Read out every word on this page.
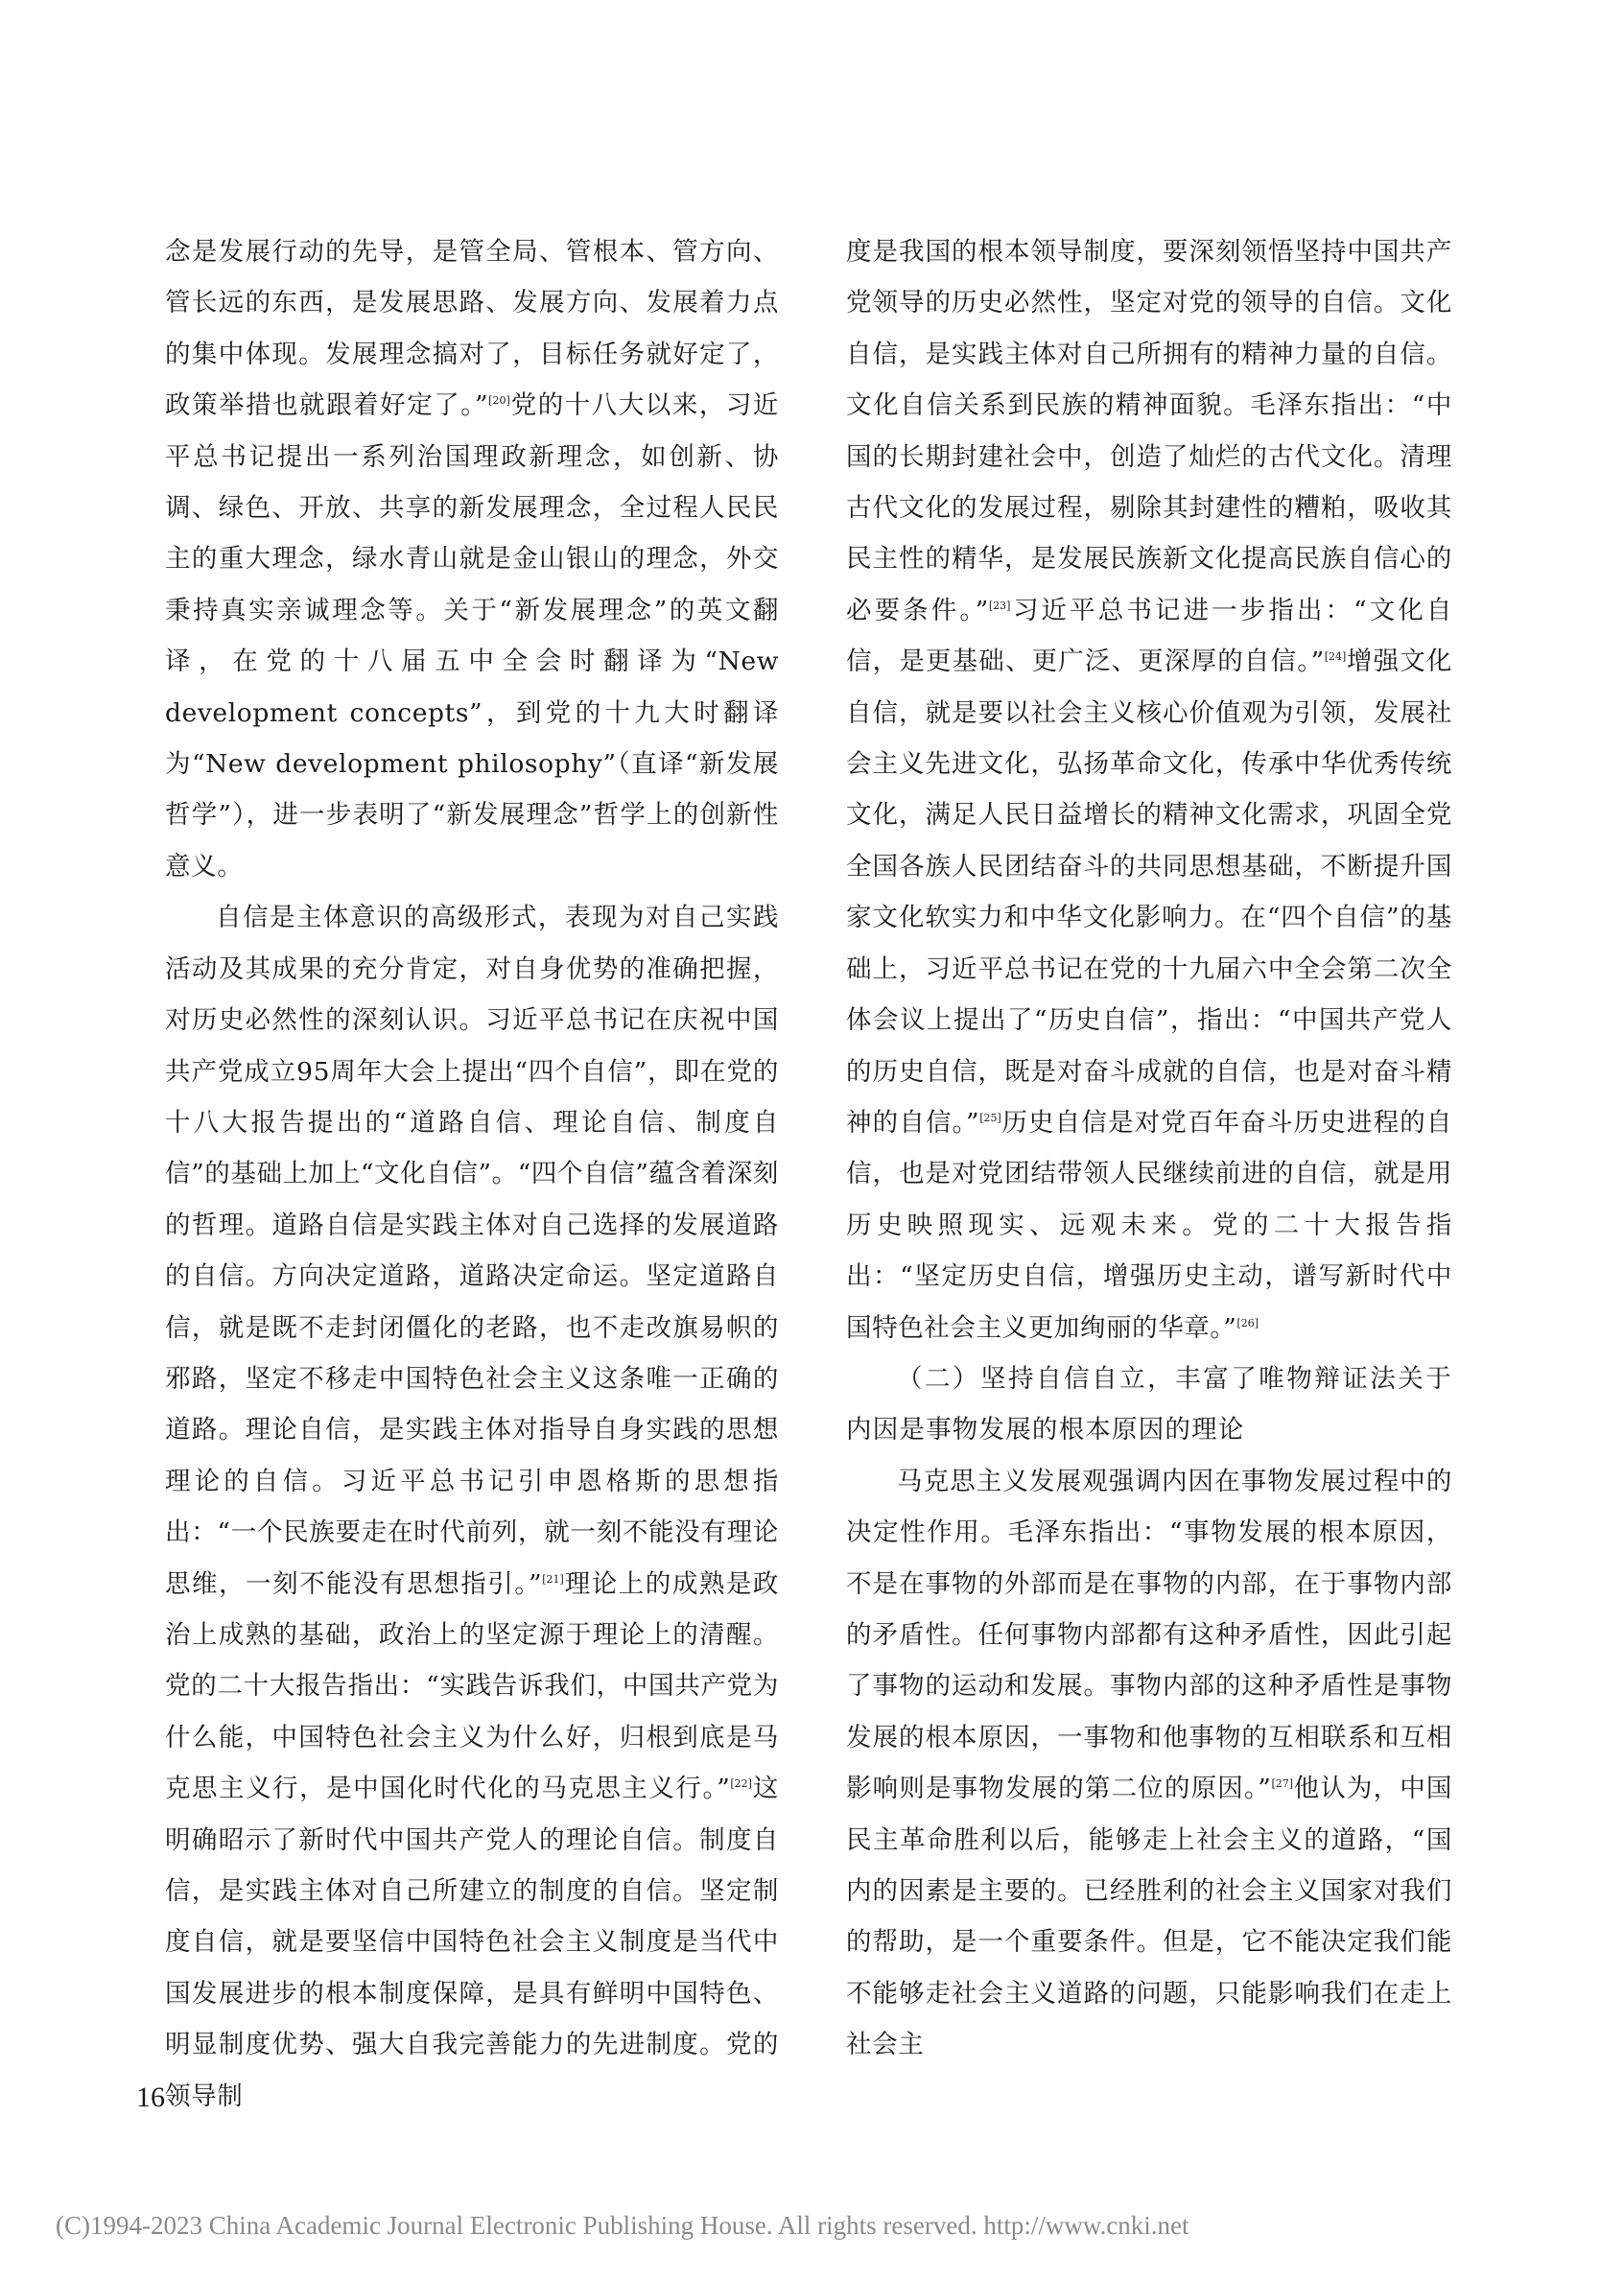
念是发展行动的先导，是管全局、管根本、管方向、管长远的东西，是发展思路、发展方向、发展着力点的集中体现。发展理念搞对了，目标任务就好定了，政策举措也就跟着好定了。”[20]党的十八大以来，习近平总书记提出一系列治国理政新理念，如创新、协调、绿色、开放、共享的新发展理念，全过程人民民主的重大理念，绿水青山就是金山银山的理念，外交秉持真实亲诚理念等。关于“新发展理念”的英文翻译，在党的十八届五中全会时翻译为“New development concepts”，到党的十九大时翻译为“New development philosophy”（直译“新发展哲学”），进一步表明了“新发展理念”哲学上的创新性意义。

自信是主体意识的高级形式，表现为对自己实践活动及其成果的充分肯定，对自身优势的准确把握，对历史必然性的深刻认识。习近平总书记在庆祝中国共产党成立95周年大会上提出“四个自信”，即在党的十八大报告提出的“道路自信、理论自信、制度自信”的基础上加上“文化自信”。“四个自信”蕴含着深刻的哲理。道路自信是实践主体对自己选择的发展道路的自信。方向决定道路，道路决定命运。坚定道路自信，就是既不走封闭僵化的老路，也不走改旗易帜的邪路，坚定不移走中国特色社会主义这条唯一正确的道路。理论自信，是实践主体对指导自身实践的思想理论的自信。习近平总书记引申恩格斯的思想指出：“一个民族要走在时代前列，就一刻不能没有理论思维，一刻不能没有思想指引。”[21]理论上的成熟是政治上成熟的基础，政治上的坚定源于理论上的清醒。党的二十大报告指出：“实践告诉我们，中国共产党为什么能，中国特色社会主义为什么好，归根到底是马克思主义行，是中国化时代化的马克思主义行。”[22]这明确昭示了新时代中国共产党人的理论自信。制度自信，是实践主体对自己所建立的制度的自信。坚定制度自信，就是要坚信中国特色社会主义制度是当代中国发展进步的根本制度保障，是具有鲜明中国特色、明显制度优势、强大自我完善能力的先进制度。党的领导制

度是我国的根本领导制度，要深刻领悟坚持中国共产党领导的历史必然性，坚定对党的领导的自信。文化自信，是实践主体对自己所拥有的精神力量的自信。文化自信关系到民族的精神面貌。毛泽东指出：“中国的长期封建社会中，创造了灿烂的古代文化。清理古代文化的发展过程，剔除其封建性的糟粕，吸收其民主性的精华，是发展民族新文化提高民族自信心的必要条件。”[23]习近平总书记进一步指出：“文化自信，是更基础、更广泛、更深厚的自信。”[24]增强文化自信，就是要以社会主义核心价值观为引领，发展社会主义先进文化，弘扬革命文化，传承中华优秀传统文化，满足人民日益增长的精神文化需求，巩固全党全国各族人民团结奋斗的共同思想基础，不断提升国家文化软实力和中华文化影响力。在“四个自信”的基础上，习近平总书记在党的十九届六中全会第二次全体会议上提出了“历史自信”，指出：“中国共产党人的历史自信，既是对奋斗成就的自信，也是对奋斗精神的自信。”[25]历史自信是对党百年奋斗历史进程的自信，也是对党团结带领人民继续前进的自信，就是用历史映照现实、远观未来。党的二十大报告指出：“坚定历史自信，增强历史主动，谱写新时代中国特色社会主义更加绚丽的华章。”[26]

（二）坚持自信自立，丰富了唯物辩证法关于内因是事物发展的根本原因的理论

马克思主义发展观强调内因在事物发展过程中的决定性作用。毛泽东指出：“事物发展的根本原因，不是在事物的外部而是在事物的内部，在于事物内部的矛盾性。任何事物内部都有这种矛盾性，因此引起了事物的运动和发展。事物内部的这种矛盾性是事物发展的根本原因，一事物和他事物的互相联系和互相影响则是事物发展的第二位的原因。”[27]他认为，中国民主革命胜利以后，能够走上社会主义的道路，“国内的因素是主要的。已经胜利的社会主义国家对我们的帮助，是一个重要条件。但是，它不能决定我们能不能够走社会主义道路的问题，只能影响我们在走上社会主

16
(C)1994-2023 China Academic Journal Electronic Publishing House. All rights reserved. http://www.cnki.net
